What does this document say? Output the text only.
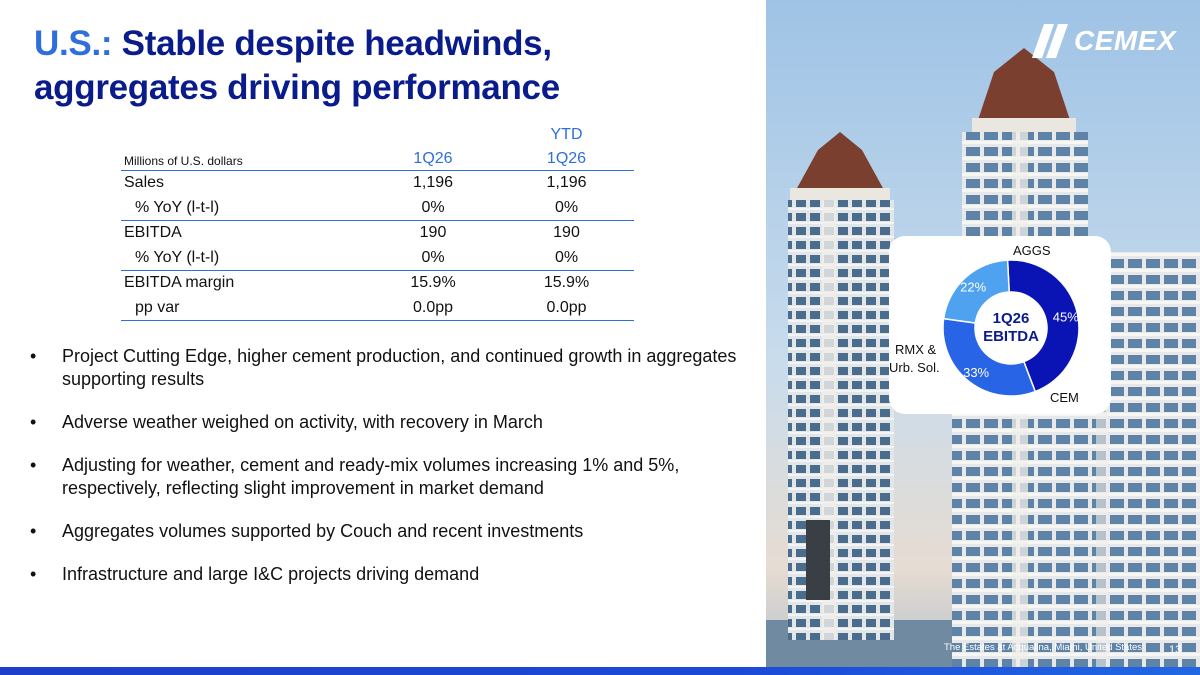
U.S.: Stable despite headwinds,
aggregates driving performance
		YTD
Millions of U.S. dollars	1Q26	1Q26
Sales	1,196	1,196
% YoY (l-t-l)	0%	0%
EBITDA	190	190
% YoY (l-t-l)	0%	0%
EBITDA margin	15.9%	15.9%
pp var	0.0pp	0.0pp
• Project Cutting Edge, higher cement production, and continued growth in aggregates supporting results
• Adverse weather weighed on activity, with recovery in March
• Adjusting for weather, cement and ready-mix volumes increasing 1% and 5%, respectively, reflecting slight improvement in market demand
• Aggregates volumes supported by Couch and recent investments
• Infrastructure and large I&C projects driving demand
The Estates at Acqualina, Miami, United States 13
CEMEX
45%
33%
22%
1Q26
EBITDA
AGGS
CEM
RMX &
Urb. Sol.
